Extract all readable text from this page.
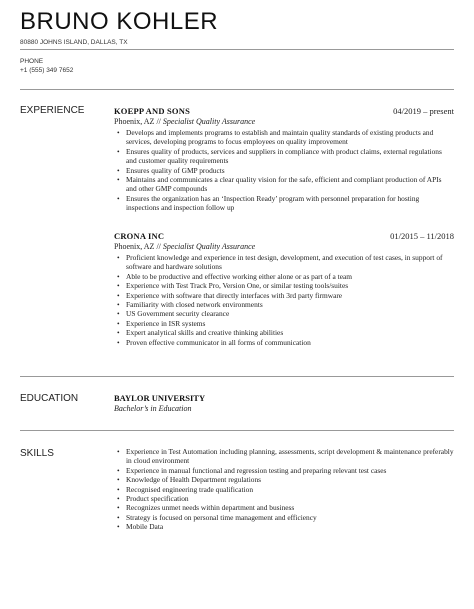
BRUNO KOHLER
80880 JOHNS ISLAND, DALLAS, TX
PHONE
+1 (555) 349 7652
EXPERIENCE	KOEPP AND SONS	04/2019 – present
Phoenix, AZ // Specialist Quality Assurance
• Develops and implements programs to establish and maintain quality standards of existing products and services, developing programs to focus employees on quality improvement
• Ensures quality of products, services and suppliers in compliance with product claims, external regulations and customer quality requirements
• Ensures quality of GMP products
• Maintains and communicates a clear quality vision for the safe, efficient and compliant production of APIs and other GMP compounds
• Ensures the organization has an ‘Inspection Ready’ program with personnel preparation for hosting inspections and inspection follow up
CRONA INC	01/2015 – 11/2018
Phoenix, AZ // Specialist Quality Assurance
• Proficient knowledge and experience in test design, development, and execution of test cases, in support of software and hardware solutions
• Able to be productive and effective working either alone or as part of a team
• Experience with Test Track Pro, Version One, or similar testing tools/suites
• Experience with software that directly interfaces with 3rd party firmware
• Familiarity with closed network environments
• US Government security clearance
• Experience in ISR systems
• Expert analytical skills and creative thinking abilities
• Proven effective communicator in all forms of communication
EDUCATION	BAYLOR UNIVERSITY
Bachelor’s in Education
SKILLS
•	Experience in Test Automation including planning, assessments, script development & maintenance preferably in cloud environment
• Experience in manual functional and regression testing and preparing relevant test cases
• Knowledge of Health Department regulations
• Recognised engineering trade qualification
• Product specification
• Recognizes unmet needs within department and business
• Strategy is focused on personal time management and efficiency
• Mobile Data
